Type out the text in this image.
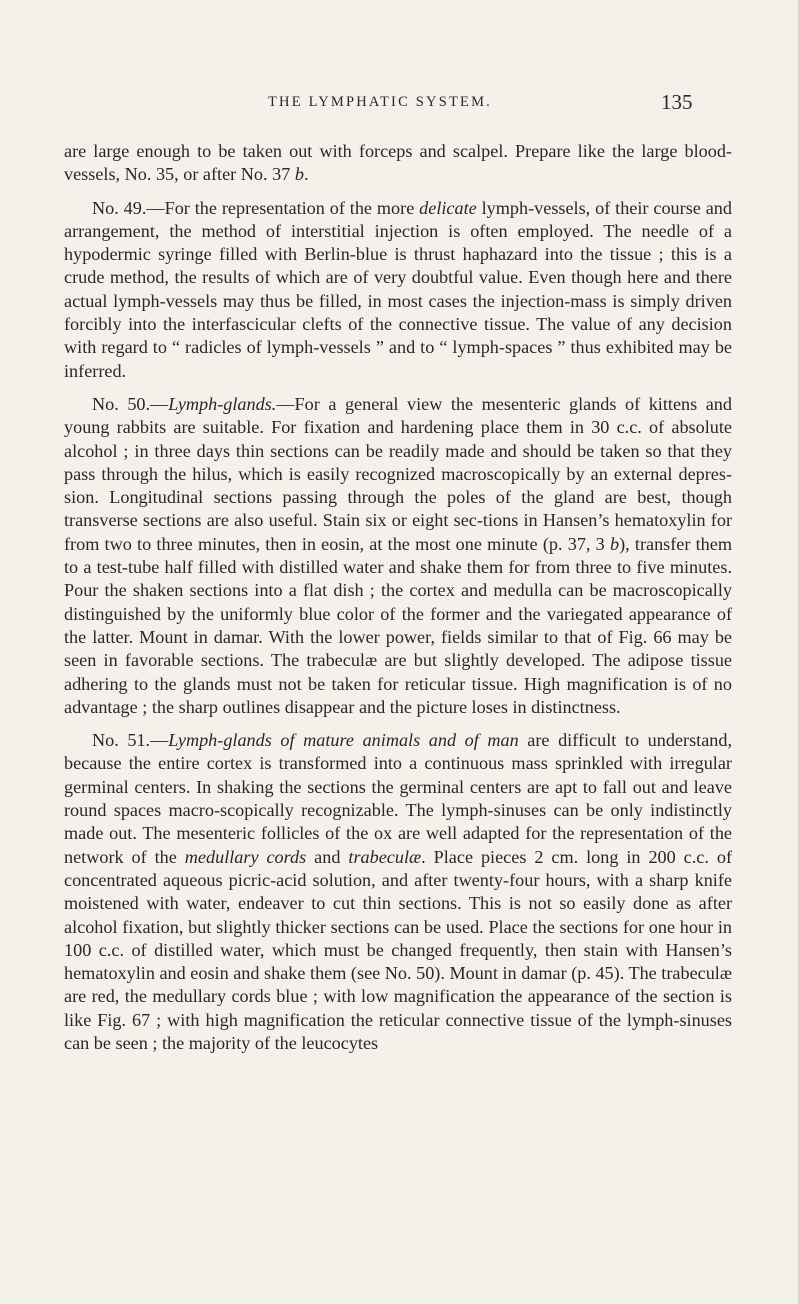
THE LYMPHATIC SYSTEM.	135

are large enough to be taken out with forceps and scalpel. Prepare like the large blood-vessels, No. 35, or after No. 37 b.

No. 49.—For the representation of the more delicate lymph-vessels, of their course and arrangement, the method of interstitial injection is often employed. The needle of a hypodermic syringe filled with Berlin-blue is thrust haphazard into the tissue ; this is a crude method, the results of which are of very doubtful value. Even though here and there actual lymph-vessels may thus be filled, in most cases the injection-mass is simply driven forcibly into the interfascicular clefts of the connective tissue. The value of any decision with regard to “ radicles of lymph-vessels ” and to “ lymph-spaces ” thus exhibited may be inferred.

No. 50.—Lymph-glands.—For a general view the mesenteric glands of kittens and young rabbits are suitable. For fixation and hardening place them in 30 c.c. of absolute alcohol ; in three days thin sections can be readily made and should be taken so that they pass through the hilus, which is easily recognized macroscopically by an external depres-sion. Longitudinal sections passing through the poles of the gland are best, though transverse sections are also useful. Stain six or eight sec-tions in Hansen’s hematoxylin for from two to three minutes, then in eosin, at the most one minute (p. 37, 3 b), transfer them to a test-tube half filled with distilled water and shake them for from three to five minutes. Pour the shaken sections into a flat dish ; the cortex and medulla can be macroscopically distinguished by the uniformly blue color of the former and the variegated appearance of the latter. Mount in damar. With the lower power, fields similar to that of Fig. 66 may be seen in favorable sections. The trabeculæ are but slightly developed. The adipose tissue adhering to the glands must not be taken for reticular tissue. High magnification is of no advantage ; the sharp outlines disappear and the picture loses in distinctness.

No. 51.—Lymph-glands of mature animals and of man are difficult to understand, because the entire cortex is transformed into a continuous mass sprinkled with irregular germinal centers. In shaking the sections the germinal centers are apt to fall out and leave round spaces macro-scopically recognizable. The lymph-sinuses can be only indistinctly made out. The mesenteric follicles of the ox are well adapted for the representation of the network of the medullary cords and trabeculæ. Place pieces 2 cm. long in 200 c.c. of concentrated aqueous picric-acid solution, and after twenty-four hours, with a sharp knife moistened with water, endeaver to cut thin sections. This is not so easily done as after alcohol fixation, but slightly thicker sections can be used. Place the sections for one hour in 100 c.c. of distilled water, which must be changed frequently, then stain with Hansen’s hematoxylin and eosin and shake them (see No. 50). Mount in damar (p. 45). The trabeculæ are red, the medullary cords blue ; with low magnification the appearance of the section is like Fig. 67 ; with high magnification the reticular connective tissue of the lymph-sinuses can be seen ; the majority of the leucocytes
